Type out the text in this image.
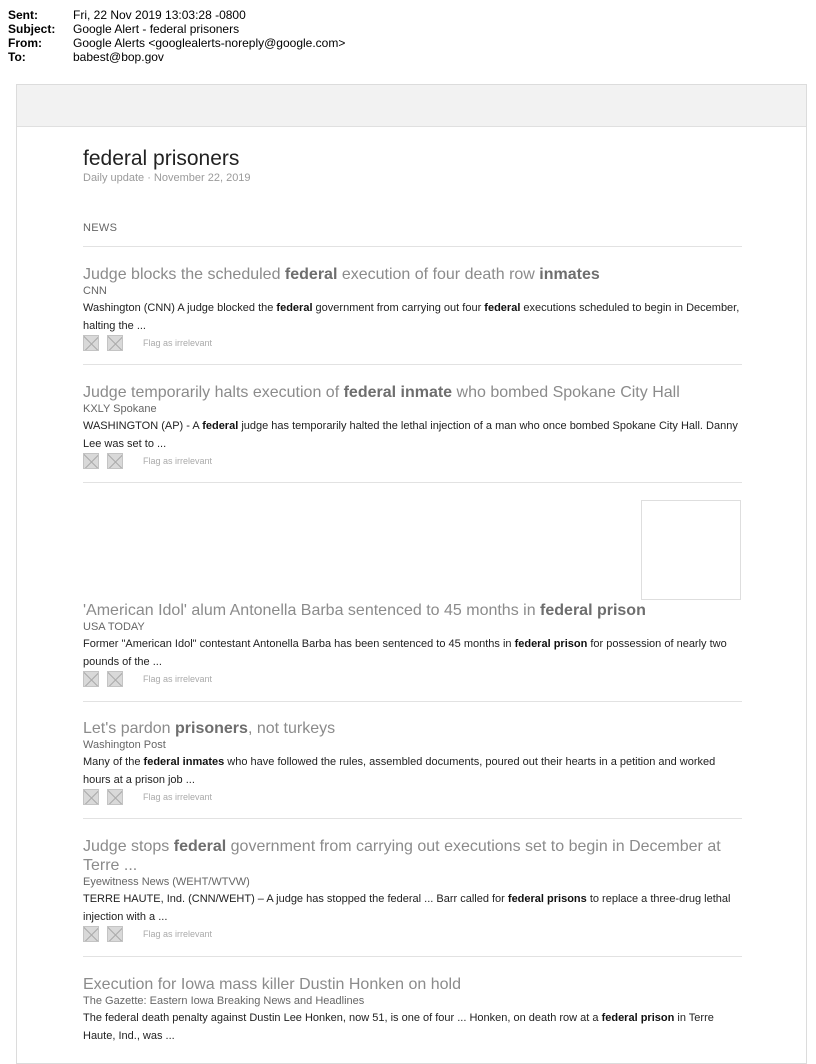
Sent:	Fri, 22 Nov 2019 13:03:28 -0800
Subject:	Google Alert - federal prisoners
From:	Google Alerts <googlealerts-noreply@google.com>
To:	babest@bop.gov
federal prisoners
Daily update · November 22, 2019
NEWS
Judge blocks the scheduled federal execution of four death row inmates
CNN
Washington (CNN) A judge blocked the federal government from carrying out four federal executions scheduled to begin in December, halting the ...
Flag as irrelevant
Judge temporarily halts execution of federal inmate who bombed Spokane City Hall
KXLY Spokane
WASHINGTON (AP) - A federal judge has temporarily halted the lethal injection of a man who once bombed Spokane City Hall. Danny Lee was set to ...
Flag as irrelevant
'American Idol' alum Antonella Barba sentenced to 45 months in federal prison
USA TODAY
Former "American Idol" contestant Antonella Barba has been sentenced to 45 months in federal prison for possession of nearly two pounds of the ...
Flag as irrelevant
Let's pardon prisoners, not turkeys
Washington Post
Many of the federal inmates who have followed the rules, assembled documents, poured out their hearts in a petition and worked hours at a prison job ...
Flag as irrelevant
Judge stops federal government from carrying out executions set to begin in December at Terre ...
Eyewitness News (WEHT/WTVW)
TERRE HAUTE, Ind. (CNN/WEHT) – A judge has stopped the federal ... Barr called for federal prisons to replace a three-drug lethal injection with a ...
Flag as irrelevant
Execution for Iowa mass killer Dustin Honken on hold
The Gazette: Eastern Iowa Breaking News and Headlines
The federal death penalty against Dustin Lee Honken, now 51, is one of four ... Honken, on death row at a federal prison in Terre Haute, Ind., was ...
